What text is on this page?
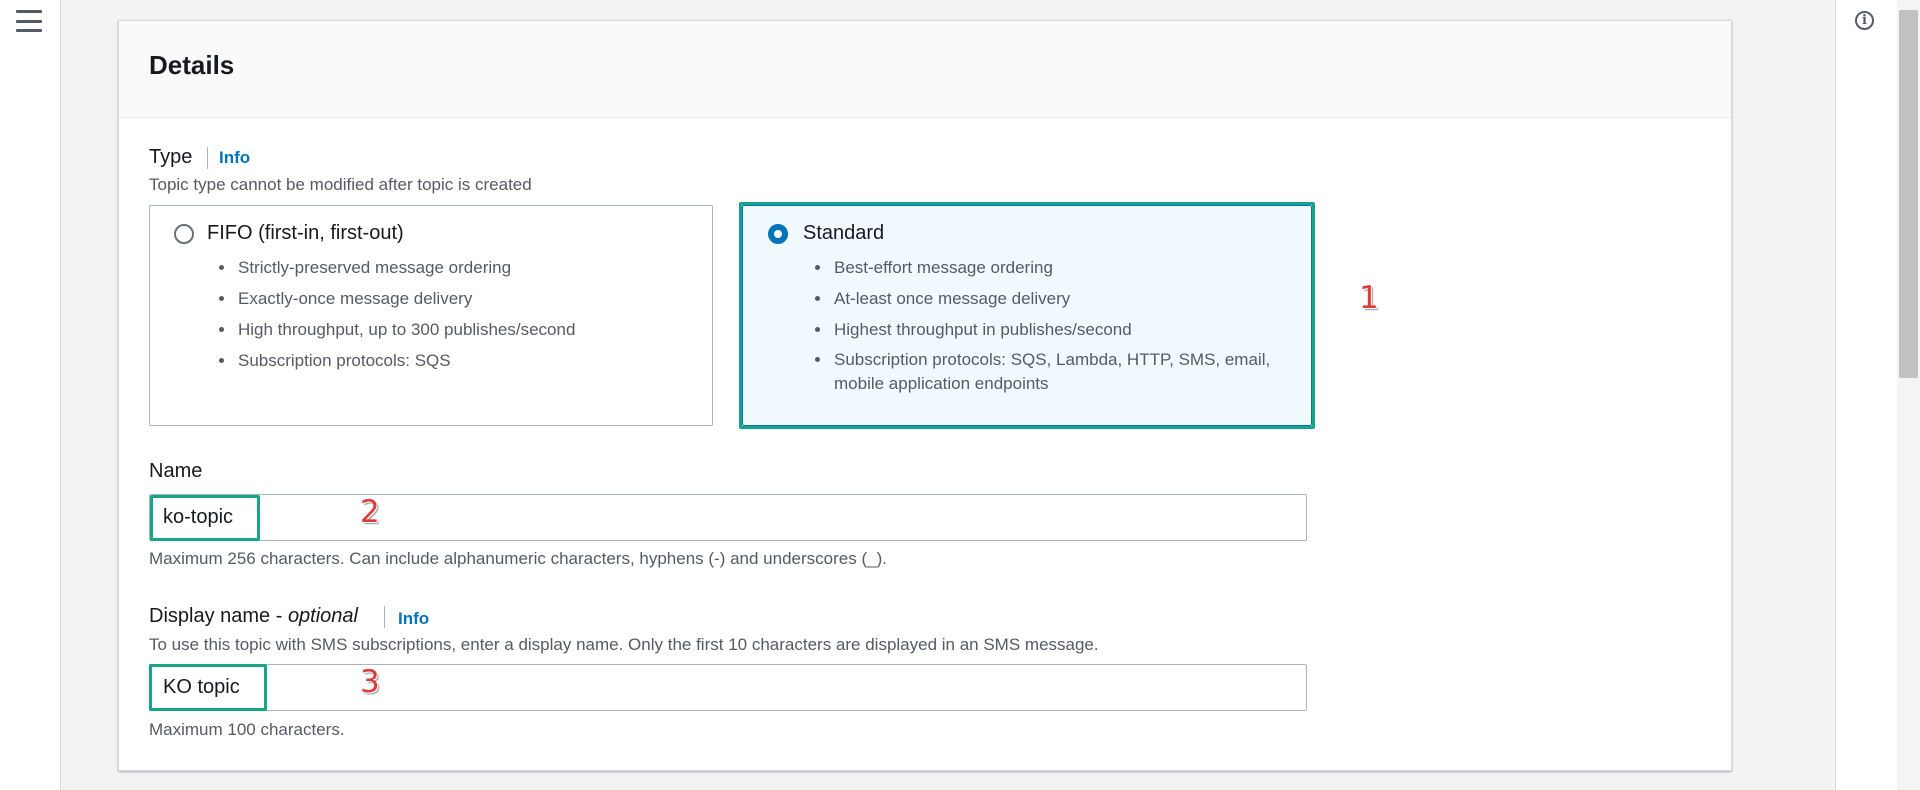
i
Details
Type Info
Topic type cannot be modified after topic is created
FIFO (first-in, first-out)
• Strictly-preserved message ordering
• Exactly-once message delivery
• High throughput, up to 300 publishes/second
• Subscription protocols: SQS
Standard
• Best-effort message ordering
• At-least once message delivery
• Highest throughput in publishes/second
• Subscription protocols: SQS, Lambda, HTTP, SMS, email, mobile application endpoints
1
Name
ko-topic
2
Maximum 256 characters. Can include alphanumeric characters, hyphens (-) and underscores (_).
Display name - optional Info
To use this topic with SMS subscriptions, enter a display name. Only the first 10 characters are displayed in an SMS message.
KO topic
3
Maximum 100 characters.
